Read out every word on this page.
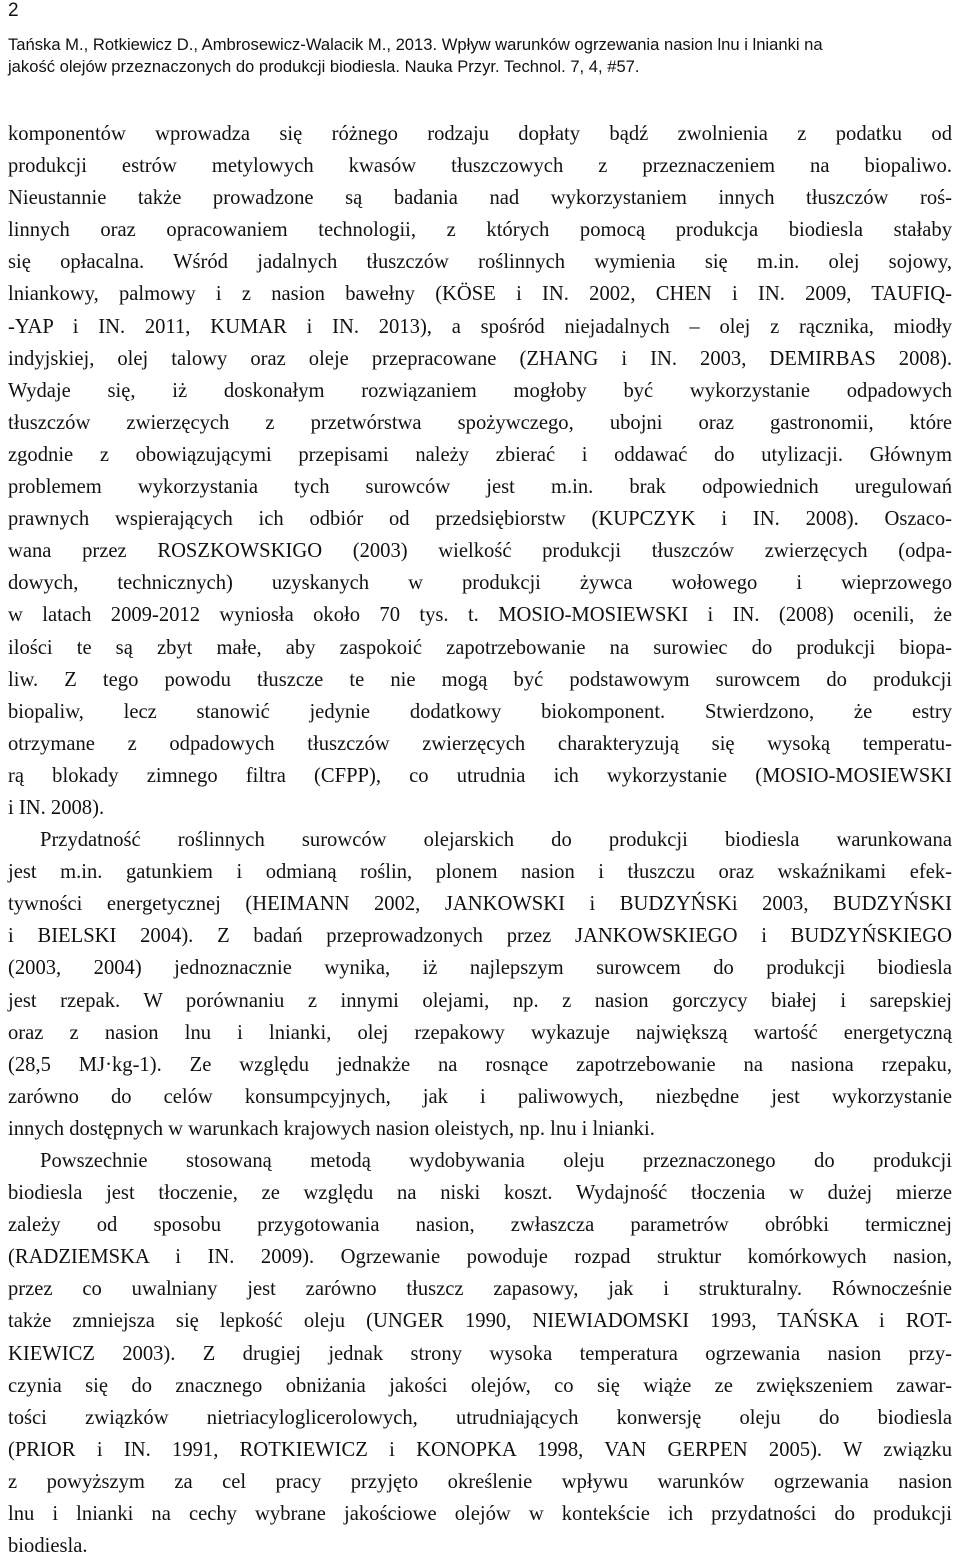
2
Tańska M., Rotkiewicz D., Ambrosewicz-Walacik M., 2013. Wpływ warunków ogrzewania nasion lnu i lnianki na
jakość olejów przeznaczonych do produkcji biodiesla. Nauka Przyr. Technol. 7, 4, #57.
komponentów wprowadza się różnego rodzaju dopłaty bądź zwolnienia z podatku od
produkcji estrów metylowych kwasów tłuszczowych z przeznaczeniem na biopaliwo.
Nieustannie także prowadzone są badania nad wykorzystaniem innych tłuszczów roś-
linnych oraz opracowaniem technologii, z których pomocą produkcja biodiesla stałaby
się opłacalna. Wśród jadalnych tłuszczów roślinnych wymienia się m.in. olej sojowy,
lniankowy, palmowy i z nasion bawełny (KÖSE i IN. 2002, CHEN i IN. 2009, TAUFIQ-
-YAP i IN. 2011, KUMAR i IN. 2013), a spośród niejadalnych – olej z rącznika, miodły
indyjskiej, olej talowy oraz oleje przepracowane (ZHANG i IN. 2003, DEMIRBAS 2008).
Wydaje się, iż doskonałym rozwiązaniem mogłoby być wykorzystanie odpadowych
tłuszczów zwierzęcych z przetwórstwa spożywczego, ubojni oraz gastronomii, które
zgodnie z obowiązującymi przepisami należy zbierać i oddawać do utylizacji. Głównym
problemem wykorzystania tych surowców jest m.in. brak odpowiednich uregulowań
prawnych wspierających ich odbiór od przedsiębiorstw (KUPCZYK i IN. 2008). Oszaco-
wana przez ROSZKOWSKIGO (2003) wielkość produkcji tłuszczów zwierzęcych (odpa-
dowych, technicznych) uzyskanych w produkcji żywca wołowego i wieprzowego
w latach 2009-2012 wyniosła około 70 tys. t. MOSIO-MOSIEWSKI i IN. (2008) ocenili, że
ilości te są zbyt małe, aby zaspokoić zapotrzebowanie na surowiec do produkcji biopa-
liw. Z tego powodu tłuszcze te nie mogą być podstawowym surowcem do produkcji
biopaliw, lecz stanowić jedynie dodatkowy biokomponent. Stwierdzono, że estry
otrzymane z odpadowych tłuszczów zwierzęcych charakteryzują się wysoką temperatu-
rą blokady zimnego filtra (CFPP), co utrudnia ich wykorzystanie (MOSIO-MOSIEWSKI
i IN. 2008).
Przydatność roślinnych surowców olejarskich do produkcji biodiesla warunkowana
jest m.in. gatunkiem i odmianą roślin, plonem nasion i tłuszczu oraz wskaźnikami efek-
tywności energetycznej (HEIMANN 2002, JANKOWSKI i BUDZYŃSKi 2003, BUDZYŃSKI
i BIELSKI 2004). Z badań przeprowadzonych przez JANKOWSKIEGO i BUDZYŃSKIEGO
(2003, 2004) jednoznacznie wynika, iż najlepszym surowcem do produkcji biodiesla
jest rzepak. W porównaniu z innymi olejami, np. z nasion gorczycy białej i sarepskiej
oraz z nasion lnu i lnianki, olej rzepakowy wykazuje największą wartość energetyczną
(28,5 MJ·kg-1). Ze względu jednakże na rosnące zapotrzebowanie na nasiona rzepaku,
zarówno do celów konsumpcyjnych, jak i paliwowych, niezbędne jest wykorzystanie
innych dostępnych w warunkach krajowych nasion oleistych, np. lnu i lnianki.
Powszechnie stosowaną metodą wydobywania oleju przeznaczonego do produkcji
biodiesla jest tłoczenie, ze względu na niski koszt. Wydajność tłoczenia w dużej mierze
zależy od sposobu przygotowania nasion, zwłaszcza parametrów obróbki termicznej
(RADZIEMSKA i IN. 2009). Ogrzewanie powoduje rozpad struktur komórkowych nasion,
przez co uwalniany jest zarówno tłuszcz zapasowy, jak i strukturalny. Równocześnie
także zmniejsza się lepkość oleju (UNGER 1990, NIEWIADOMSKI 1993, TAŃSKA i ROT-
KIEWICZ 2003). Z drugiej jednak strony wysoka temperatura ogrzewania nasion przy-
czynia się do znacznego obniżania jakości olejów, co się wiąże ze zwiększeniem zawar-
tości związków nietriacyloglicerolowych, utrudniających konwersję oleju do biodiesla
(PRIOR i IN. 1991, ROTKIEWICZ i KONOPKA 1998, VAN GERPEN 2005). W związku
z powyższym za cel pracy przyjęto określenie wpływu warunków ogrzewania nasion
lnu i lnianki na cechy wybrane jakościowe olejów w kontekście ich przydatności do produkcji
biodiesla.
